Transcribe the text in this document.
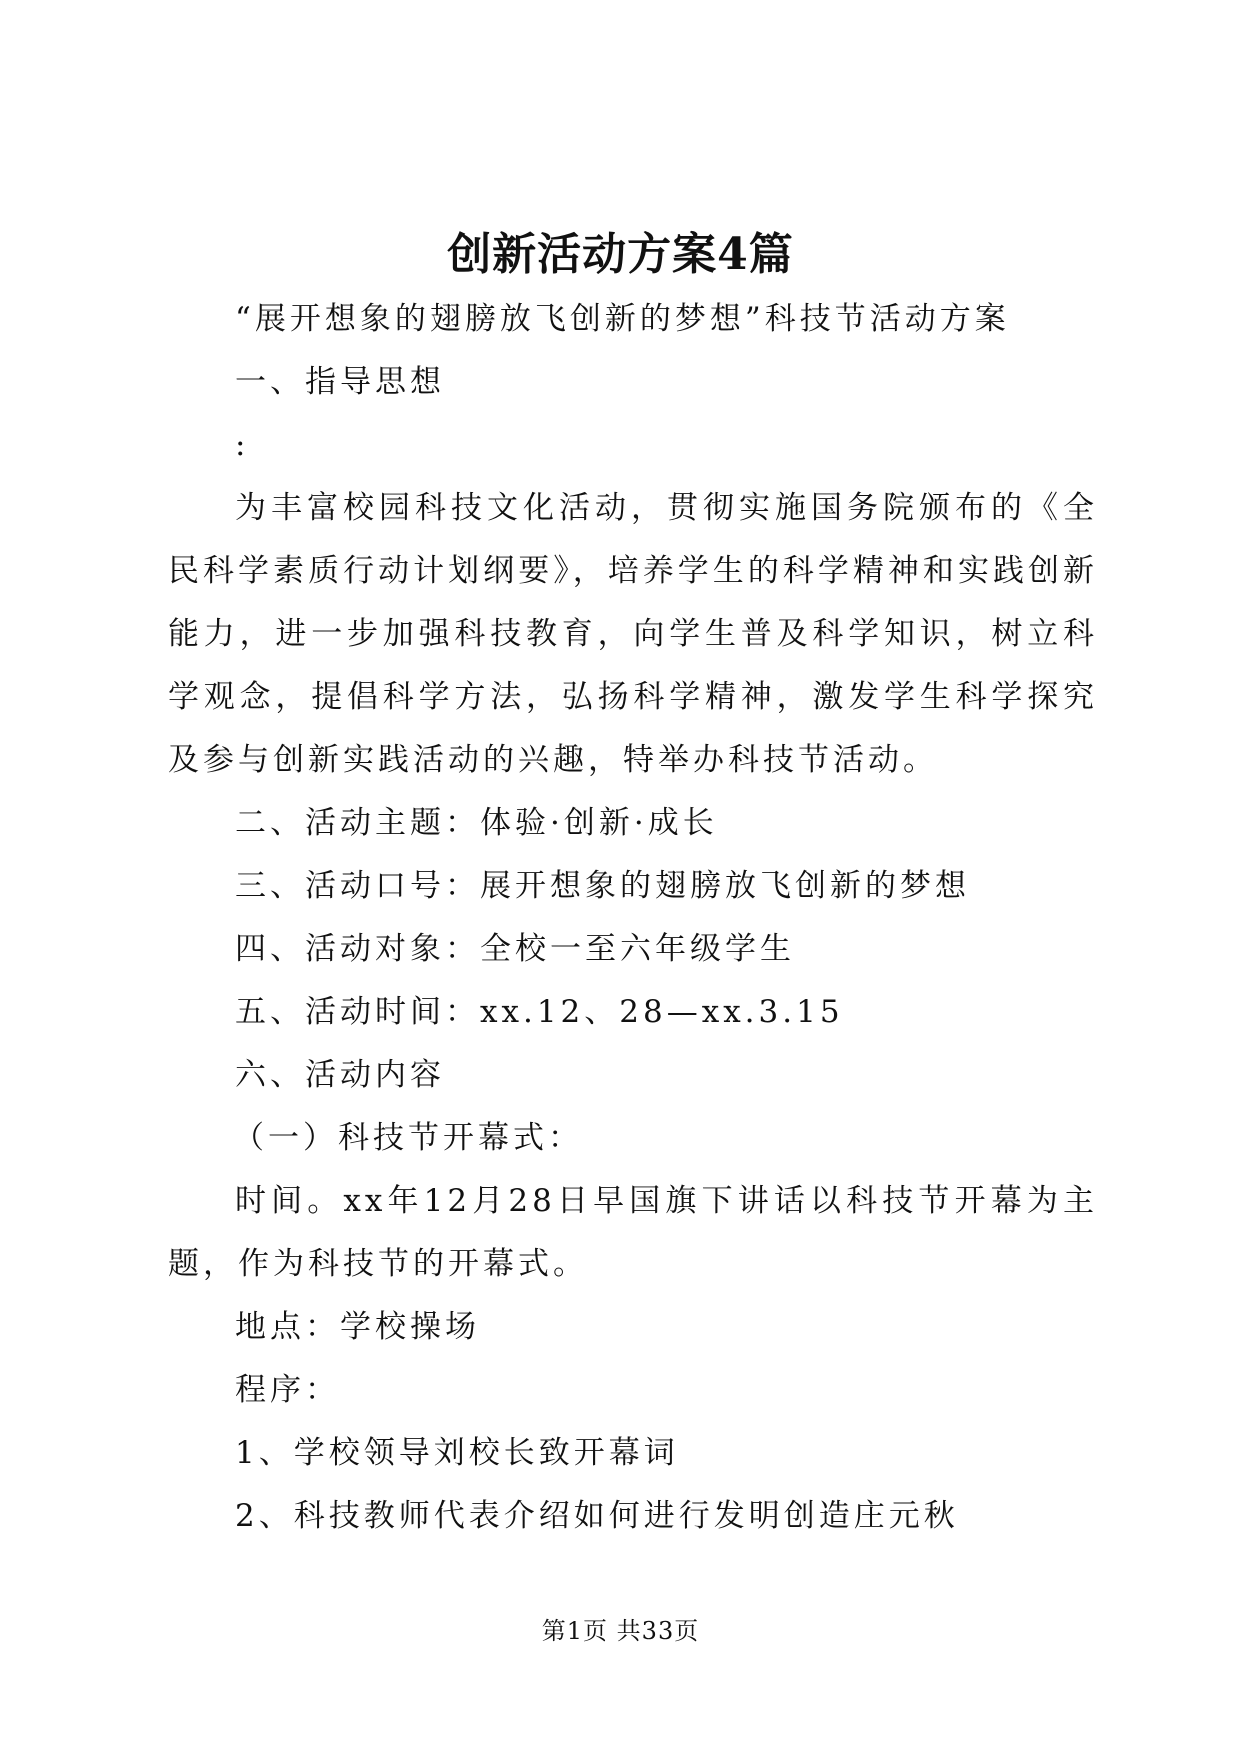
创新活动方案4篇

“展开想象的翅膀放飞创新的梦想”科技节活动方案

一、指导思想

:

为丰富校园科技文化活动，贯彻实施国务院颁布的《全民科学素质行动计划纲要》，培养学生的科学精神和实践创新能力，进一步加强科技教育，向学生普及科学知识，树立科学观念，提倡科学方法，弘扬科学精神，激发学生科学探究及参与创新实践活动的兴趣，特举办科技节活动。

二、活动主题：体验·创新·成长

三、活动口号：展开想象的翅膀放飞创新的梦想

四、活动对象：全校一至六年级学生

五、活动时间：xx.12、28—xx.3.15

六、活动内容

（一）科技节开幕式：

时间。xx年12月28日早国旗下讲话以科技节开幕为主题，作为科技节的开幕式。

地点：学校操场

程序：

1、学校领导刘校长致开幕词

2、科技教师代表介绍如何进行发明创造庄元秋

第1页 共33页
